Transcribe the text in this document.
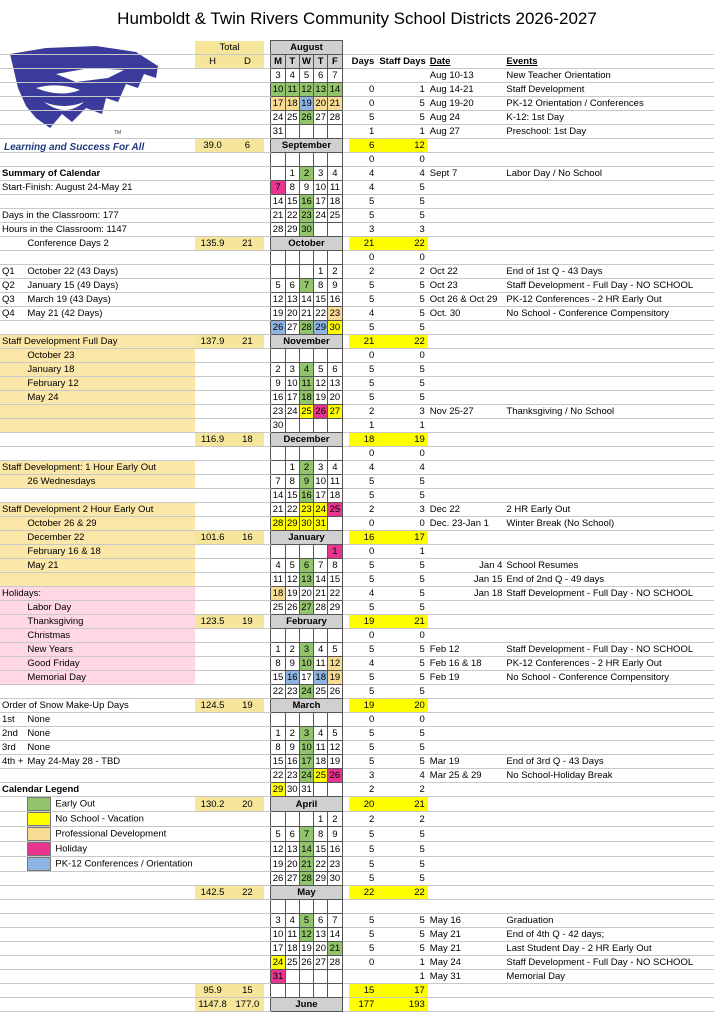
Humboldt & Twin Rivers Community School Districts 2026-2027
TM
Learning and Success For All
		Total			August									
		H	D		M	T	W	T	F		Days	Staff Days	Date	Events
					3	4	5	6	7				Aug 10-13	New Teacher Orientation
					10	11	12	13	14		0	1	Aug 14-21	Staff Development
					17	18	19	20	21		0	5	Aug 19-20	PK-12 Orientation / Conferences
					24	25	26	27	28		5	5	Aug 24	K-12: 1st Day
					31						1	1	Aug 27	Preschool: 1st Day
		39.0	6		September						6	12		
											0	0		
Summary of Calendar						1	2	3	4		4	4	Sept 7	Labor Day / No School
Start-Finish: August 24-May 21					7	8	9	10	11		4	5		
					14	15	16	17	18		5	5		
Days in the Classroom: 177					21	22	23	24	25		5	5		
Hours in the Classroom: 1147					28	29	30				3	3		
	Conference Days 2	135.9	21		October						21	22		
											0	0		
Q1	October 22 (43 Days)							1	2		2	2	Oct 22	End of 1st Q - 43 Days
Q2	January 15 (49 Days)				5	6	7	8	9		5	5	Oct 23	Staff Development - Full Day - NO SCHOOL
Q3	March 19 (43 Days)				12	13	14	15	16		5	5	Oct 26 & Oct 29	PK-12 Conferences - 2 HR Early Out
Q4	May 21 (42 Days)				19	20	21	22	23		4	5	Oct. 30	No School - Conference Compensitory
					26	27	28	29	30		5	5		
Staff Development Full Day		137.9	21		November						21	22		
	October 23										0	0		
	January 18				2	3	4	5	6		5	5		
	February 12				9	10	11	12	13		5	5		
	May 24				16	17	18	19	20		5	5		
					23	24	25	26	27		2	3	Nov 25-27	Thanksgiving / No School
					30						1	1		
		116.9	18		December						18	19		
											0	0		
Staff Development: 1 Hour Early Out						1	2	3	4		4	4		
	26 Wednesdays				7	8	9	10	11		5	5		
					14	15	16	17	18		5	5		
Staff Development 2 Hour Early Out					21	22	23	24	25		2	3	Dec 22	2 HR Early Out
	October 26 & 29				28	29	30	31			0	0	Dec. 23-Jan 1	Winter Break (No School)
	December 22	101.6	16		January						16	17		
	February 16 & 18								1		0	1		
	May 21				4	5	6	7	8		5	5	Jan 4	School Resumes
					11	12	13	14	15		5	5	Jan 15	End of 2nd Q - 49 days
Holidays:					18	19	20	21	22		4	5	Jan 18	Staff Development - Full Day - NO SCHOOL
	Labor Day				25	26	27	28	29		5	5		
	Thanksgiving	123.5	19		February						19	21		
	Christmas										0	0		
	New Years				1	2	3	4	5		5	5	Feb 12	Staff Development - Full Day - NO SCHOOL
	Good Friday				8	9	10	11	12		4	5	Feb 16 & 18	PK-12 Conferences - 2 HR Early Out
	Memorial Day				15	16	17	18	19		5	5	Feb 19	No School - Conference Compensitory
					22	23	24	25	26		5	5		
Order of Snow Make-Up Days		124.5	19		March						19	20		
1st	None										0	0		
2nd	None				1	2	3	4	5		5	5		
3rd	None				8	9	10	11	12		5	5		
4th +	May 24-May 28 - TBD				15	16	17	18	19		5	5	Mar 19	End of 3rd Q - 43 Days
					22	23	24	25	26		3	4	Mar 25 & 29	No School-Holiday Break
Calendar Legend					29	30	31				2	2		
	Early Out	130.2	20		April						20	21		
	No School - Vacation							1	2		2	2		
	Professional Development				5	6	7	8	9		5	5		
	Holiday				12	13	14	15	16		5	5		
	PK-12 Conferences / Orientation				19	20	21	22	23		5	5		
					26	27	28	29	30		5	5		
		142.5	22		May						22	22		

					3	4	5	6	7		5	5	May 16	Graduation
					10	11	12	13	14		5	5	May 21	End of 4th Q - 42 days;
					17	18	19	20	21		5	5	May 21	Last Student Day - 2 HR Early Out
					24	25	26	27	28		0	1	May 24	Staff Development - Full Day - NO SCHOOL
					31							1	May 31	Memorial Day
		95.9	15								15	17		
		1147.8	177.0		June						177	193		
